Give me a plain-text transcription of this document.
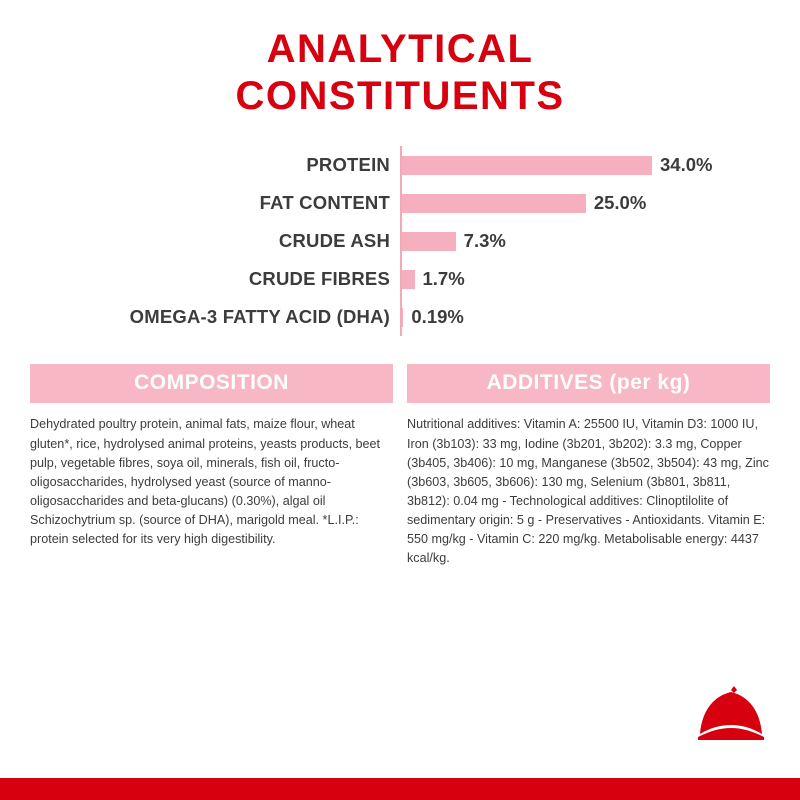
ANALYTICAL
CONSTITUENTS
PROTEIN	34.0%
FAT CONTENT	25.0%
CRUDE ASH	7.3%
CRUDE FIBRES	1.7%
OMEGA-3 FATTY ACID (DHA)	0.19%
COMPOSITION
Dehydrated poultry protein, animal fats, maize flour, wheat gluten*, rice, hydrolysed animal proteins, yeasts products, beet pulp, vegetable fibres, soya oil, minerals, fish oil, fructo-oligosaccharides, hydrolysed yeast (source of manno-oligosaccharides and beta-glucans) (0.30%), algal oil Schizochytrium sp. (source of DHA), marigold meal. *L.I.P.: protein selected for its very high digestibility.
ADDITIVES (per kg)
Nutritional additives: Vitamin A: 25500 IU, Vitamin D3: 1000 IU, Iron (3b103): 33 mg, Iodine (3b201, 3b202): 3.3 mg, Copper (3b405, 3b406): 10 mg, Manganese (3b502, 3b504): 43 mg, Zinc (3b603, 3b605, 3b606): 130 mg, Selenium (3b801, 3b811, 3b812): 0.04 mg - Technological additives: Clinoptilolite of sedimentary origin: 5 g - Preservatives - Antioxidants. Vitamin E: 550 mg/kg - Vitamin C: 220 mg/kg. Metabolisable energy: 4437 kcal/kg.
